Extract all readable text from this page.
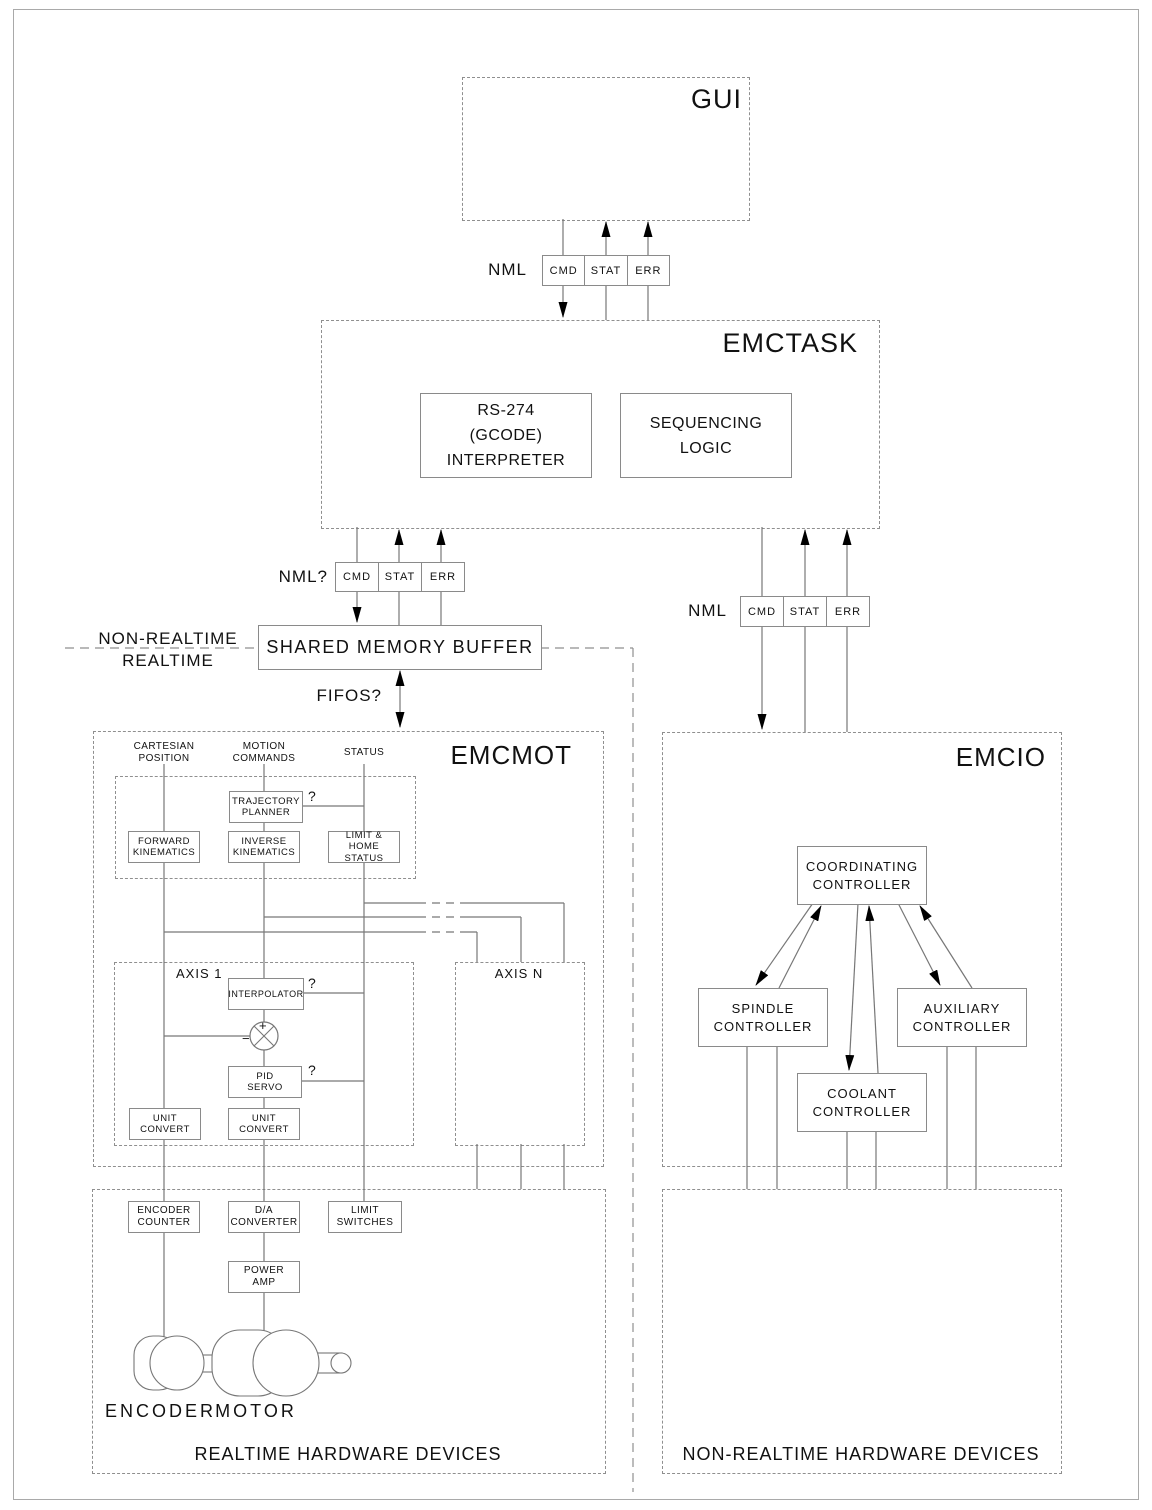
+
−
GUI
EMCTASK
EMCMOT	EMCIO
NML	CMD	STAT	ERR
RS-274
(GCODE)
INTERPRETER
SEQUENCING
LOGIC
NML?	CMD	STAT	ERR
NML	CMD	STAT	ERR
SHARED MEMORY BUFFER
NON-REALTIME
REALTIME
FIFOS?
CARTESIAN
POSITION
MOTION
COMMANDS
STATUS
TRAJECTORY
PLANNER
FORWARD
KINEMATICS
INVERSE
KINEMATICS
LIMIT & HOME
STATUS
?
AXIS 1	AXIS N
INTERPOLATOR
?
PID
SERVO
?
UNIT
CONVERT
UNIT
CONVERT
COORDINATING
CONTROLLER
SPINDLE
CONTROLLER
AUXILIARY
CONTROLLER
COOLANT
CONTROLLER
ENCODER
COUNTER
D/A
CONVERTER
LIMIT
SWITCHES
POWER
AMP
ENCODER MOTOR
REALTIME HARDWARE DEVICES	NON-REALTIME HARDWARE DEVICES
